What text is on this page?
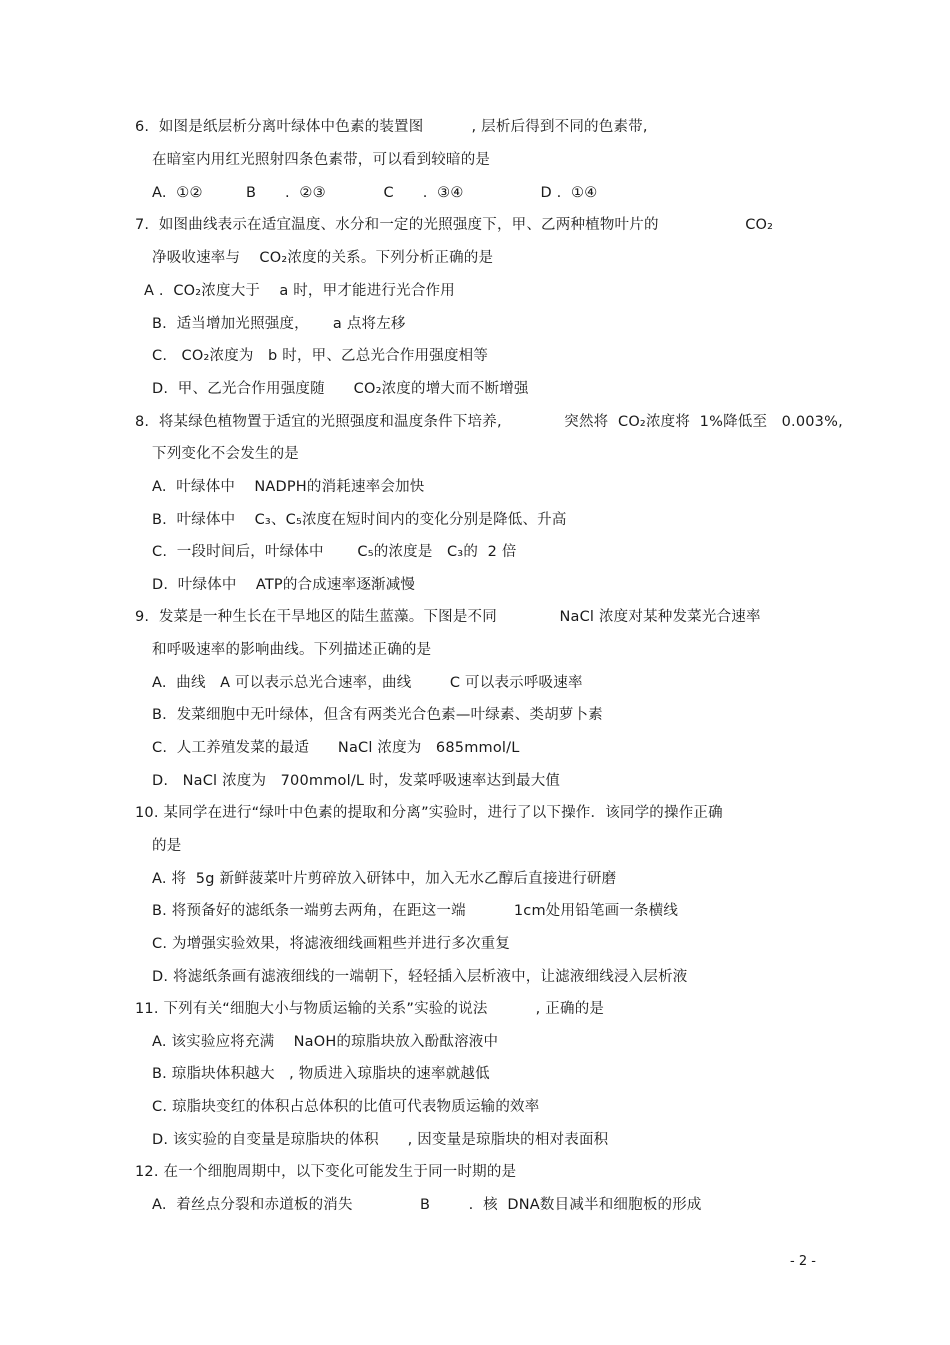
6.  如图是纸层析分离叶绿体中色素的装置图          , 层析后得到不同的色素带,
在暗室内用红光照射四条色素带，可以看到较暗的是
A.  ①②         B      .  ②③            C      .  ③④                D .  ①④
7.  如图曲线表示在适宜温度、水分和一定的光照强度下，甲、乙两种植物叶片的                  CO₂
净吸收速率与    CO₂浓度的关系。下列分析正确的是
A .  CO₂浓度大于    a 时，甲才能进行光合作用
B.  适当增加光照强度，     a 点将左移
C.   CO₂浓度为   b 时，甲、乙总光合作用强度相等
D.  甲、乙光合作用强度随      CO₂浓度的增大而不断增强
8.  将某绿色植物置于适宜的光照强度和温度条件下培养,             突然将  CO₂浓度将  1%降低至   0.003%,
下列变化不会发生的是
A.  叶绿体中    NADPH的消耗速率会加快
B.  叶绿体中    C₃、C₅浓度在短时间内的变化分别是降低、升高
C.  一段时间后，叶绿体中       C₅的浓度是   C₃的  2 倍
D.  叶绿体中    ATP的合成速率逐渐减慢
9.  发菜是一种生长在干旱地区的陆生蓝藻。下图是不同             NaCl 浓度对某种发菜光合速率
和呼吸速率的影响曲线。下列描述正确的是
A.  曲线   A 可以表示总光合速率，曲线        C 可以表示呼吸速率
B.  发菜细胞中无叶绿体，但含有两类光合色素—叶绿素、类胡萝卜素
C.  人工养殖发菜的最适      NaCl 浓度为   685mmol/L
D.   NaCl 浓度为   700mmol/L 时，发菜呼吸速率达到最大值
10. 某同学在进行“绿叶中色素的提取和分离”实验时，进行了以下操作．该同学的操作正确
的是
A. 将  5g 新鲜菠菜叶片剪碎放入研钵中，加入无水乙醇后直接进行研磨
B. 将预备好的滤纸条一端剪去两角，在距这一端          1cm处用铅笔画一条横线
C. 为增强实验效果，将滤液细线画粗些并进行多次重复
D. 将滤纸条画有滤液细线的一端朝下，轻轻插入层析液中，让滤液细线浸入层析液
11. 下列有关“细胞大小与物质运输的关系”实验的说法          , 正确的是
A. 该实验应将充满    NaOH的琼脂块放入酚酞溶液中
B. 琼脂块体积越大   , 物质进入琼脂块的速率就越低
C. 琼脂块变红的体积占总体积的比值可代表物质运输的效率
D. 该实验的自变量是琼脂块的体积      , 因变量是琼脂块的相对表面积
12. 在一个细胞周期中，以下变化可能发生于同一时期的是
A.  着丝点分裂和赤道板的消失              B        .  核  DNA数目减半和细胞板的形成
- 2 -
